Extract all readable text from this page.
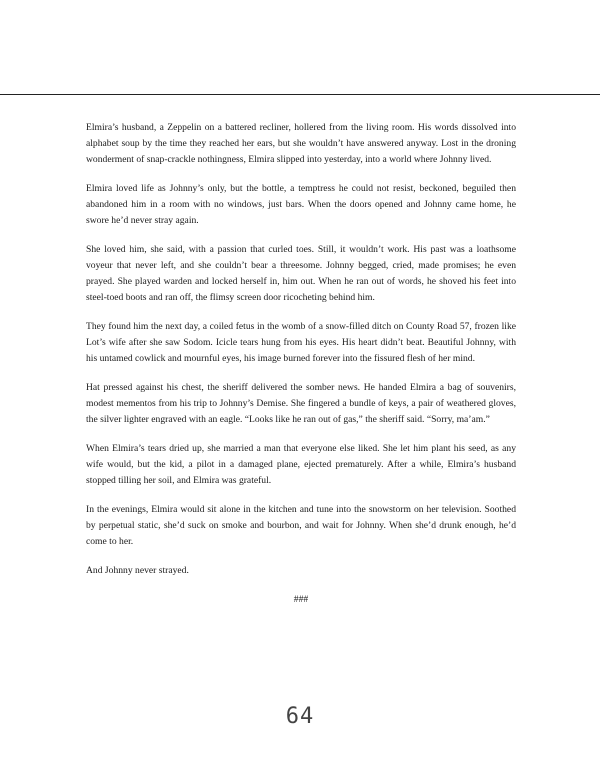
Elmira’s husband, a Zeppelin on a battered recliner, hollered from the living room. His words dissolved into alphabet soup by the time they reached her ears, but she wouldn’t have answered anyway. Lost in the droning wonderment of snap-crackle nothingness, Elmira slipped into yesterday, into a world where Johnny lived.

Elmira loved life as Johnny’s only, but the bottle, a temptress he could not resist, beckoned, beguiled then abandoned him in a room with no windows, just bars. When the doors opened and Johnny came home, he swore he’d never stray again.

She loved him, she said, with a passion that curled toes. Still, it wouldn’t work. His past was a loathsome voyeur that never left, and she couldn’t bear a threesome. Johnny begged, cried, made promises; he even prayed. She played warden and locked herself in, him out. When he ran out of words, he shoved his feet into steel-toed boots and ran off, the flimsy screen door ricocheting behind him.

They found him the next day, a coiled fetus in the womb of a snow-filled ditch on County Road 57, frozen like Lot’s wife after she saw Sodom. Icicle tears hung from his eyes. His heart didn’t beat. Beautiful Johnny, with his untamed cowlick and mournful eyes, his image burned forever into the fissured flesh of her mind.

Hat pressed against his chest, the sheriff delivered the somber news. He handed Elmira a bag of souvenirs, modest mementos from his trip to Johnny’s Demise. She fingered a bundle of keys, a pair of weathered gloves, the silver lighter engraved with an eagle. “Looks like he ran out of gas,” the sheriff said. “Sorry, ma’am.”

When Elmira’s tears dried up, she married a man that everyone else liked. She let him plant his seed, as any wife would, but the kid, a pilot in a damaged plane, ejected prematurely. After a while, Elmira’s husband stopped tilling her soil, and Elmira was grateful.

In the evenings, Elmira would sit alone in the kitchen and tune into the snowstorm on her television. Soothed by perpetual static, she’d suck on smoke and bourbon, and wait for Johnny. When she’d drunk enough, he’d come to her.

And Johnny never strayed.

###
64
